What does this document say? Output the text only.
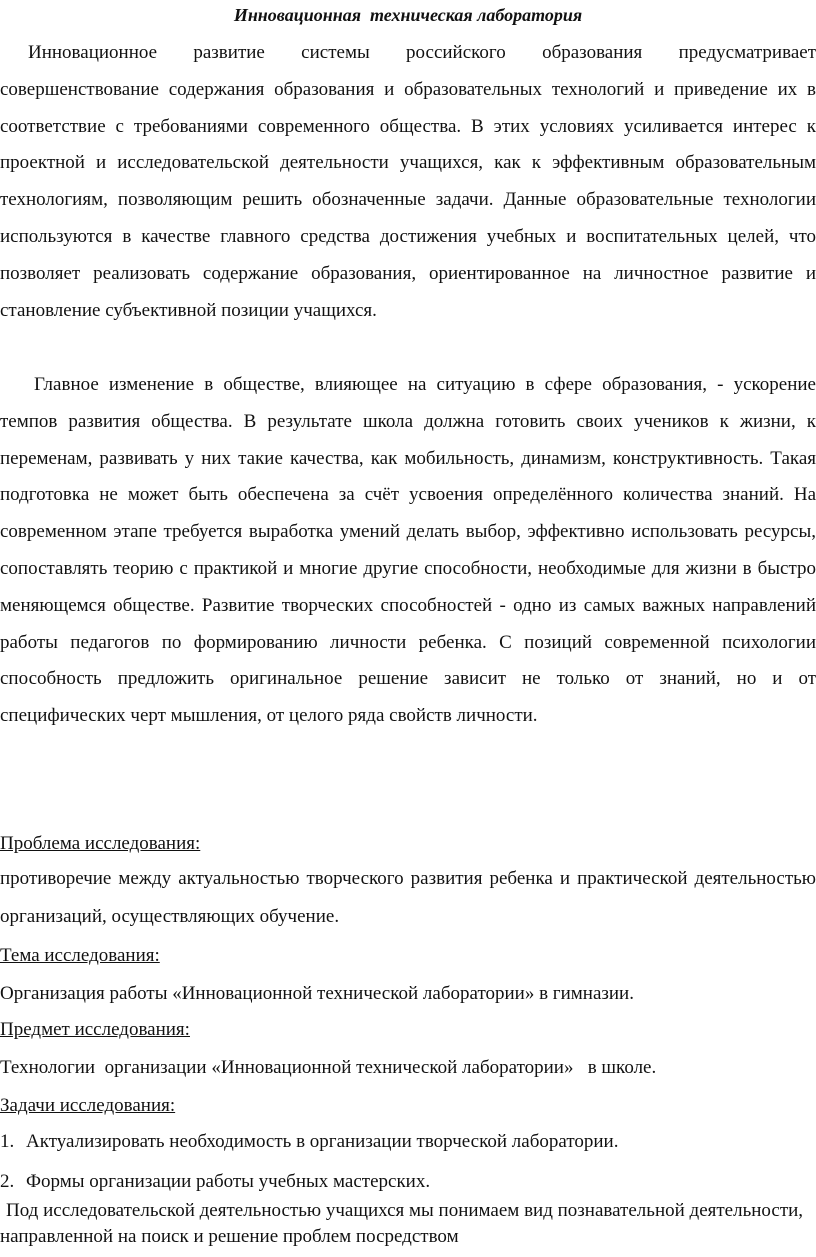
Инновационная  техническая лаборатория

Инновационное развитие системы российского образования предусматривает совершенствование содержания образования и образовательных технологий и приведение их в соответствие с требованиями современного общества. В этих условиях усиливается интерес к проектной и исследовательской деятельности учащихся, как к эффективным образовательным технологиям, позволяющим решить обозначенные задачи. Данные образовательные технологии используются в качестве главного средства достижения учебных и воспитательных целей, что позволяет реализовать содержание образования, ориентированное на личностное развитие и становление субъективной позиции учащихся.

Главное изменение в обществе, влияющее на ситуацию в сфере образования, - ускорение темпов развития общества. В результате школа должна готовить своих учеников к жизни, к переменам, развивать у них такие качества, как мобильность, динамизм, конструктивность. Такая подготовка не может быть обеспечена за счёт усвоения определённого количества знаний. На современном этапе требуется выработка умений делать выбор, эффективно использовать ресурсы, сопоставлять теорию с практикой и многие другие способности, необходимые для жизни в быстро меняющемся обществе. Развитие творческих способностей - одно из самых важных направлений работы педагогов по формированию личности ребенка. С позиций современной психологии способность предложить оригинальное решение зависит не только от знаний, но и от специфических черт мышления, от целого ряда свойств личности.

Проблема исследования:

противоречие между актуальностью творческого развития ребенка и практической деятельностью организаций, осуществляющих обучение.

Тема исследования:
Организация работы «Инновационной технической лаборатории» в гимназии.
Предмет исследования:
Технологии  организации «Инновационной технической лаборатории»   в школе.
Задачи исследования:
1. Актуализировать необходимость в организации творческой лаборатории.
2. Формы организации работы учебных мастерских.

Под исследовательской деятельностью учащихся мы понимаем вид познавательной деятельности, направленной на поиск и решение проблем посредством
